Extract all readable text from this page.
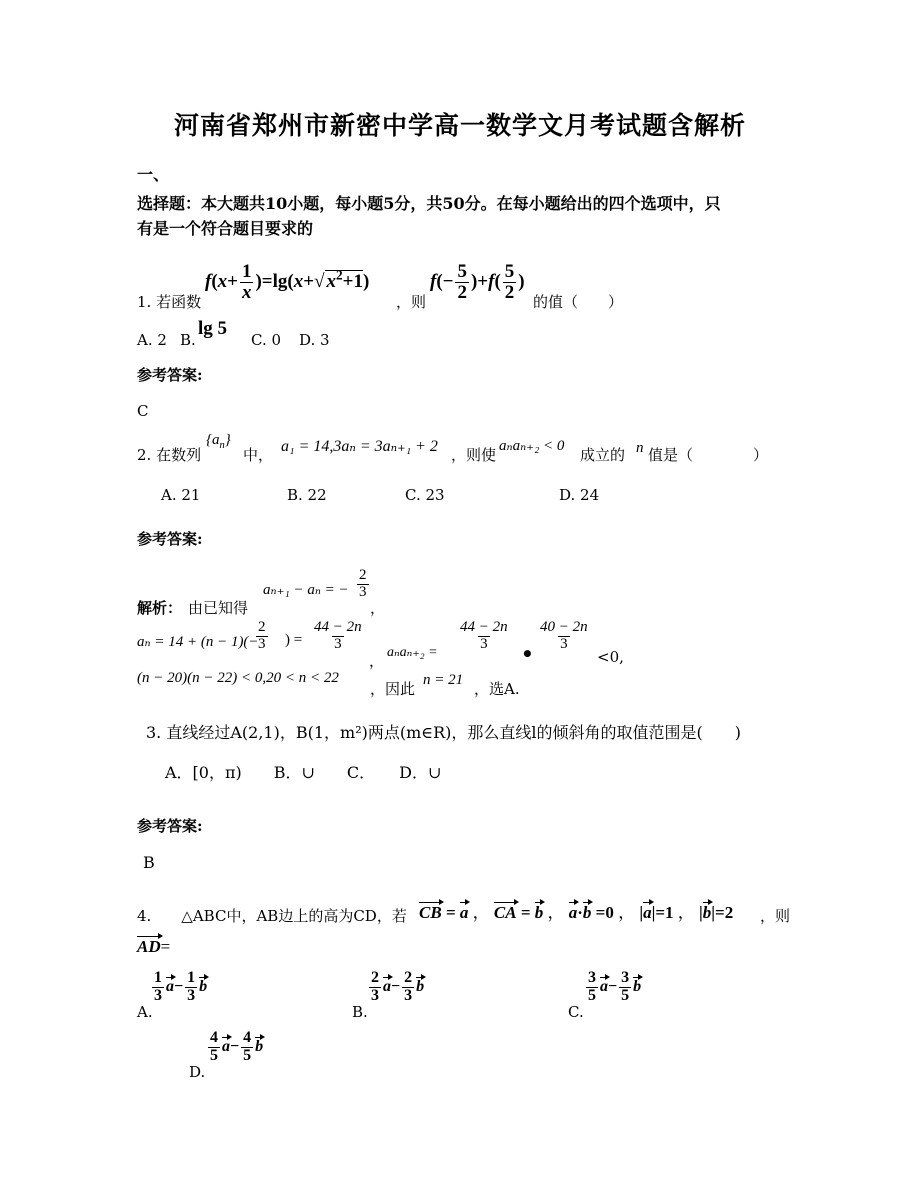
河南省郑州市新密中学高一数学文月考试题含解析
一、
选择题：本大题共10小题，每小题5分，共50分。在每小题给出的四个选项中，只
有是一个符合题目要求的
1. 若函数
$f(x+ \frac{1}{x} )=\lg(x+√$ $x^2+1$)
，则
$f(- \frac{5}{2} )+f( \frac{5}{2}$ )
的值（　　）
A. 2 B.
lg 5
C. 0 D. 3
参考答案:
C
2. 在数列
$\{a_n\}$
中， a₁ = 14,3aₙ = 3aₙ₊₁ + 2 ，则使 aₙaₙ₊₂ < 0 成立的 n 值是（　　　　）
A. 21	B. 22	C. 23	D. 24
参考答案:
解析： 由已知得
aₙ₊₁ − aₙ = − $\frac{2}{3}$
，
aₙ = 14 + (n − 1)(−
$\frac{2}{3}$ ) = $\frac{44 - 2n}{3}$
， $a_na_{n+2} = \frac{44 - 2n}{3}$
•
$\frac{40 - 2n}{3}$
<0,
(n − 20)(n − 22) < 0,20 < n < 22
，因此 n = 21 ，选A.
3. 直线经过A(2,1)，B(1，m²)两点(m∈R)，那么直线l的倾斜角的取值范围是(　　)
A．[0，π)　　B．∪　　C．　　D．∪
参考答案:
B
4.　　△ABC中，AB边上的高为CD，若 CB = a ， CA = b ， a·b =0 ， |a|=1 ， |b|=2 ，则
AD=
A.
$\frac{1}{3} a- \frac{1}{3}$ b
B.
$\frac{2}{3} a- \frac{2}{3}$ b
C.
$\frac{3}{5} a- \frac{3}{5}$ b
D.
$\frac{4}{5} a- \frac{4}{5}$ b
